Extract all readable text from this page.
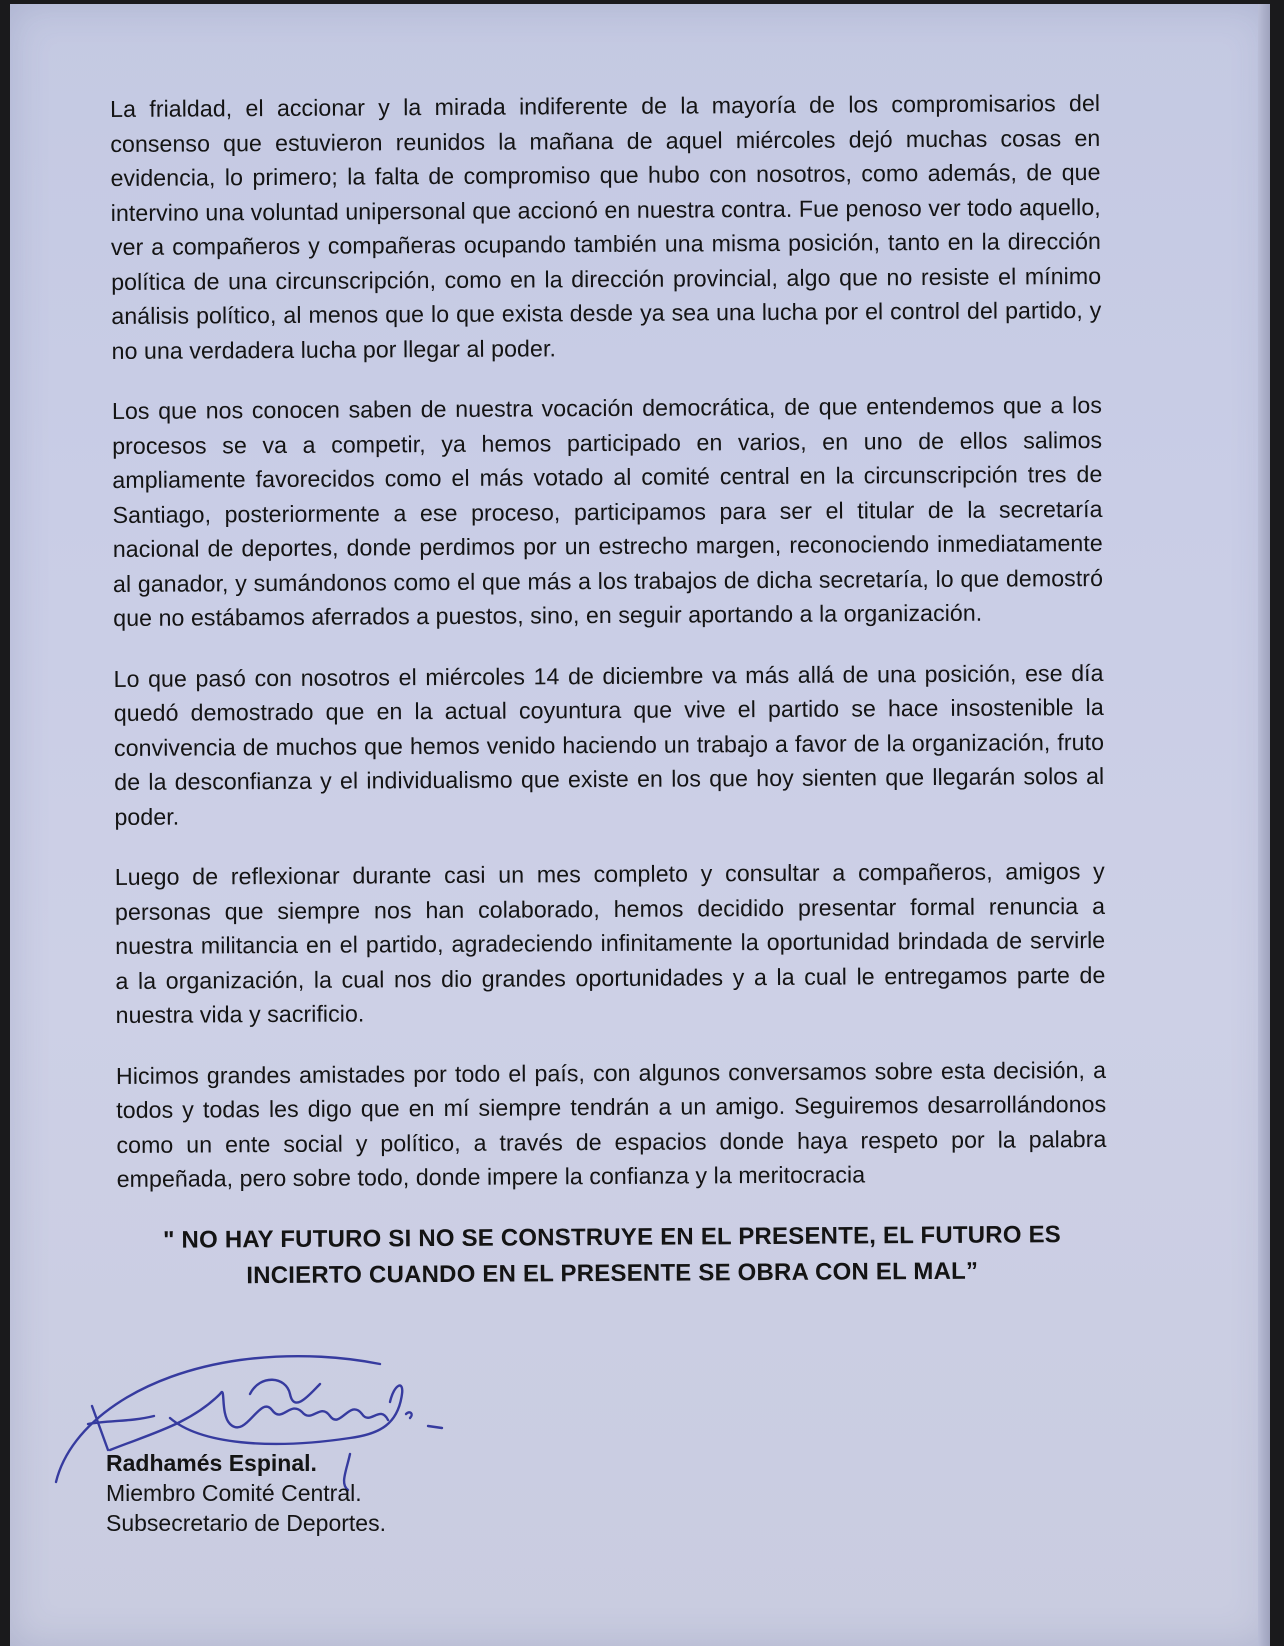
La frialdad, el accionar y la mirada indiferente de la mayoría de los compromisarios del consenso que estuvieron reunidos la mañana de aquel miércoles dejó muchas cosas en evidencia, lo primero; la falta de compromiso que hubo con nosotros, como además, de que intervino una voluntad unipersonal que accionó en nuestra contra. Fue penoso ver todo aquello, ver a compañeros y compañeras ocupando también una misma posición, tanto en la dirección política de una circunscripción, como en la dirección provincial, algo que no resiste el mínimo análisis político, al menos que lo que exista desde ya sea una lucha por el control del partido, y no una verdadera lucha por llegar al poder.

Los que nos conocen saben de nuestra vocación democrática, de que entendemos que a los procesos se va a competir, ya hemos participado en varios, en uno de ellos salimos ampliamente favorecidos como el más votado al comité central en la circunscripción tres de Santiago, posteriormente a ese proceso, participamos para ser el titular de la secretaría nacional de deportes, donde perdimos por un estrecho margen, reconociendo inmediatamente al ganador, y sumándonos como el que más a los trabajos de dicha secretaría, lo que demostró que no estábamos aferrados a puestos, sino, en seguir aportando a la organización.

Lo que pasó con nosotros el miércoles 14 de diciembre va más allá de una posición, ese día quedó demostrado que en la actual coyuntura que vive el partido se hace insostenible la convivencia de muchos que hemos venido haciendo un trabajo a favor de la organización, fruto de la desconfianza y el individualismo que existe en los que hoy sienten que llegarán solos al poder.

Luego de reflexionar durante casi un mes completo y consultar a compañeros, amigos y personas que siempre nos han colaborado, hemos decidido presentar formal renuncia a nuestra militancia en el partido, agradeciendo infinitamente la oportunidad brindada de servirle a la organización, la cual nos dio grandes oportunidades y a la cual le entregamos parte de nuestra vida y sacrificio.

Hicimos grandes amistades por todo el país, con algunos conversamos sobre esta decisión, a todos y todas les digo que en mí siempre tendrán a un amigo. Seguiremos desarrollándonos como un ente social y político, a través de espacios donde haya respeto por la palabra empeñada, pero sobre todo, donde impere la confianza y la meritocracia

" NO HAY FUTURO SI NO SE CONSTRUYE EN EL PRESENTE, EL FUTURO ES
INCIERTO CUANDO EN EL PRESENTE SE OBRA CON EL MAL”
Radhamés Espinal.
Miembro Comité Central.
Subsecretario de Deportes.
